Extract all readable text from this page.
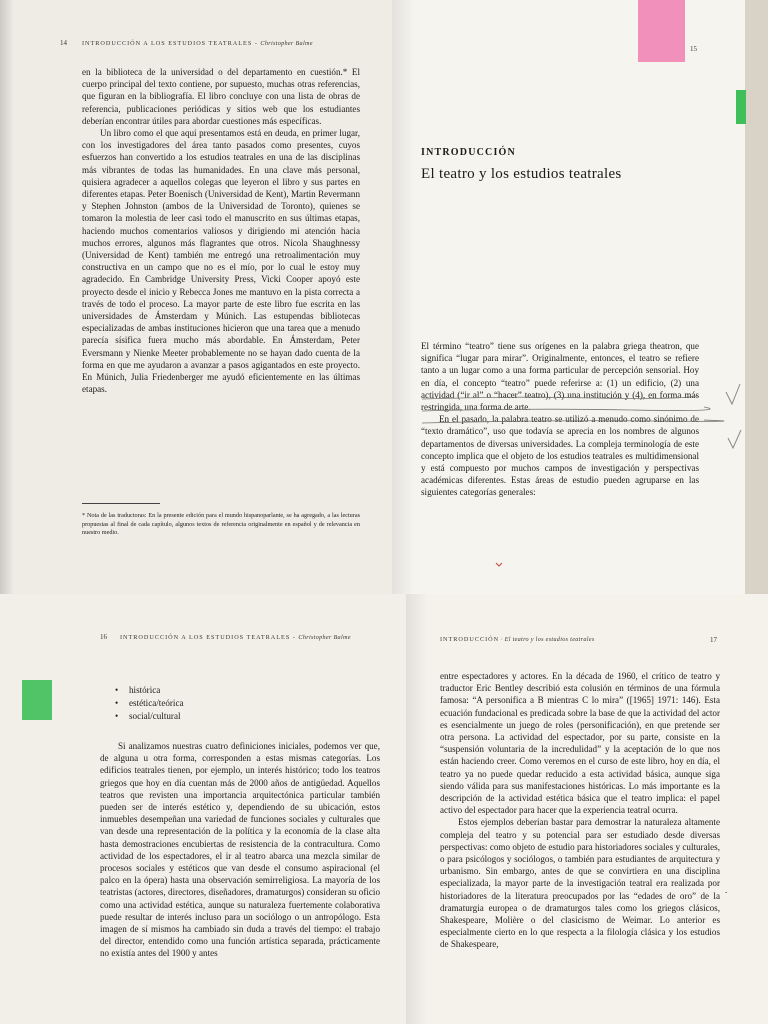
14 INTRODUCCIÓN A LOS ESTUDIOS TEATRALES - Christopher Balme

en la biblioteca de la universidad o del departamento en cuestión.* El cuerpo principal del texto contiene, por supuesto, muchas otras referencias, que figuran en la bibliografía. El libro concluye con una lista de obras de referencia, publicaciones periódicas y sitios web que los estudiantes deberían encontrar útiles para abordar cuestiones más específicas.

Un libro como el que aquí presentamos está en deuda, en primer lugar, con los investigadores del área tanto pasados como presentes, cuyos esfuerzos han convertido a los estudios teatrales en una de las disciplinas más vibrantes de todas las humanidades. En una clave más personal, quisiera agradecer a aquellos colegas que leyeron el libro y sus partes en diferentes etapas. Peter Boenisch (Universidad de Kent), Martin Revermann y Stephen Johnston (ambos de la Universidad de Toronto), quienes se tomaron la molestia de leer casi todo el manuscrito en sus últimas etapas, haciendo muchos comentarios valiosos y dirigiendo mi atención hacia muchos errores, algunos más flagrantes que otros. Nicola Shaughnessy (Universidad de Kent) también me entregó una retroalimentación muy constructiva en un campo que no es el mío, por lo cual le estoy muy agradecido. En Cambridge University Press, Vicki Cooper apoyó este proyecto desde el inicio y Rebecca Jones me mantuvo en la pista correcta a través de todo el proceso. La mayor parte de este libro fue escrita en las universidades de Ámsterdam y Múnich. Las estupendas bibliotecas especializadas de ambas instituciones hicieron que una tarea que a menudo parecía sísifica fuera mucho más abordable. En Ámsterdam, Peter Eversmann y Nienke Meeter probablemente no se hayan dado cuenta de la forma en que me ayudaron a avanzar a pasos agigantados en este proyecto. En Múnich, Julia Friedenberger me ayudó eficientemente en las últimas etapas.

* Nota de las traductoras: En la presente edición para el mundo hispanoparlante, se ha agregado, a las lecturas propuestas al final de cada capítulo, algunos textos de referencia originalmente en español y de relevancia en nuestro medio.
15
INTRODUCCIÓN
El teatro y los estudios teatrales

El término “teatro” tiene sus orígenes en la palabra griega theatron, que significa “lugar para mirar”. Originalmente, entonces, el teatro se refiere tanto a un lugar como a una forma particular de percepción sensorial. Hoy en día, el concepto “teatro” puede referirse a: (1) un edificio, (2) una actividad (“ir al” o “hacer” teatro), (3) una institución y (4), en forma más restringida, una forma de arte.

En el pasado, la palabra teatro se utilizó a menudo como sinónimo de “texto dramático”, uso que todavía se aprecia en los nombres de algunos departamentos de diversas universidades. La compleja terminología de este concepto implica que el objeto de los estudios teatrales es multidimensional y está compuesto por muchos campos de investigación y perspectivas académicas diferentes. Estas áreas de estudio pueden agruparse en las siguientes categorías generales:

16 INTRODUCCIÓN A LOS ESTUDIOS TEATRALES - Christopher Balme
• histórica
• estética/teórica
• social/cultural

Si analizamos nuestras cuatro definiciones iniciales, podemos ver que, de alguna u otra forma, corresponden a estas mismas categorías. Los edificios teatrales tienen, por ejemplo, un interés histórico; todo los teatros griegos que hoy en día cuentan más de 2000 años de antigüedad. Aquellos teatros que revisten una importancia arquitectónica particular también pueden ser de interés estético y, dependiendo de su ubicación, estos inmuebles desempeñan una variedad de funciones sociales y culturales que van desde una representación de la política y la economía de la clase alta hasta demostraciones encubiertas de resistencia de la contracultura. Como actividad de los espectadores, el ir al teatro abarca una mezcla similar de procesos sociales y estéticos que van desde el consumo aspiracional (el palco en la ópera) hasta una observación semirreligiosa. La mayoría de los teatristas (actores, directores, diseñadores, dramaturgos) consideran su oficio como una actividad estética, aunque su naturaleza fuertemente colaborativa puede resultar de interés incluso para un sociólogo o un antropólogo. Esta imagen de sí mismos ha cambiado sin duda a través del tiempo: el trabajo del director, entendido como una función artística separada, prácticamente no existía antes del 1900 y antes

INTRODUCCIÓN · El teatro y los estudios teatrales	17

entre espectadores y actores. En la década de 1960, el crítico de teatro y traductor Eric Bentley describió esta colusión en términos de una fórmula famosa: “A personifica a B mientras C lo mira” ([1965] 1971: 146). Esta ecuación fundacional es predicada sobre la base de que la actividad del actor es esencialmente un juego de roles (personificación), en que pretende ser otra persona. La actividad del espectador, por su parte, consiste en la “suspensión voluntaria de la incredulidad” y la aceptación de lo que nos están haciendo creer. Como veremos en el curso de este libro, hoy en día, el teatro ya no puede quedar reducido a esta actividad básica, aunque siga siendo válida para sus manifestaciones históricas. Lo más importante es la descripción de la actividad estética básica que el teatro implica: el papel activo del espectador para hacer que la experiencia teatral ocurra.

Estos ejemplos deberían bastar para demostrar la naturaleza altamente compleja del teatro y su potencial para ser estudiado desde diversas perspectivas: como objeto de estudio para historiadores sociales y culturales, o para psicólogos y sociólogos, o también para estudiantes de arquitectura y urbanismo. Sin embargo, antes de que se convirtiera en una disciplina especializada, la mayor parte de la investigación teatral era realizada por historiadores de la literatura preocupados por las “edades de oro” de la dramaturgia europea o de dramaturgos tales como los griegos clásicos, Shakespeare, Molière o del clasicismo de Weimar. Lo anterior es especialmente cierto en lo que respecta a la filología clásica y los estudios de Shakespeare,

.
